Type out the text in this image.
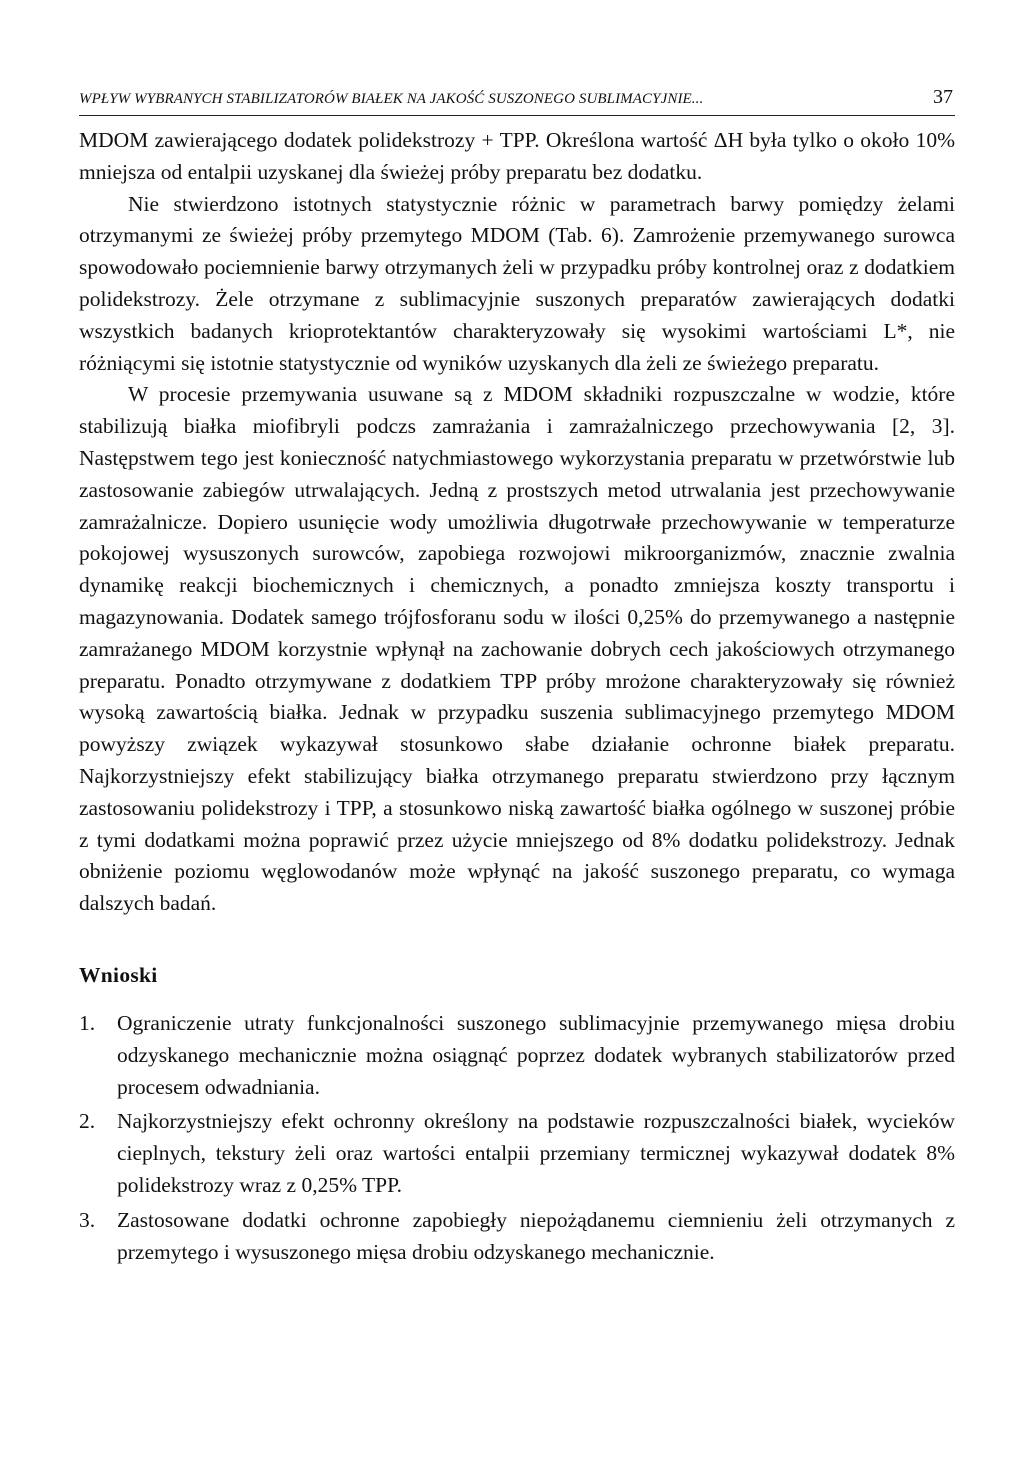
WPŁYW WYBRANYCH STABILIZATORÓW BIAŁEK NA JAKOŚĆ SUSZONEGO SUBLIMACYJNIE...	37

MDOM zawierającego dodatek polidekstrozy + TPP. Określona wartość ΔH była tylko o około 10% mniejsza od entalpii uzyskanej dla świeżej próby preparatu bez dodatku.

Nie stwierdzono istotnych statystycznie różnic w parametrach barwy pomiędzy żelami otrzymanymi ze świeżej próby przemytego MDOM (Tab. 6). Zamrożenie przemywanego surowca spowodowało pociemnienie barwy otrzymanych żeli w przypadku próby kontrolnej oraz z dodatkiem polidekstrozy. Żele otrzymane z sublimacyjnie suszonych preparatów zawierających dodatki wszystkich badanych krioprotektantów charakteryzowały się wysokimi wartościami L*, nie różniącymi się istotnie statystycznie od wyników uzyskanych dla żeli ze świeżego preparatu.

W procesie przemywania usuwane są z MDOM składniki rozpuszczalne w wodzie, które stabilizują białka miofibryli podczs zamrażania i zamrażalniczego przechowywania [2, 3]. Następstwem tego jest konieczność natychmiastowego wykorzystania preparatu w przetwórstwie lub zastosowanie zabiegów utrwalających. Jedną z prostszych metod utrwalania jest przechowywanie zamrażalnicze. Dopiero usunięcie wody umożliwia długotrwałe przechowywanie w temperaturze pokojowej wysuszonych surowców, zapobiega rozwojowi mikroorganizmów, znacznie zwalnia dynamikę reakcji biochemicznych i chemicznych, a ponadto zmniejsza koszty transportu i magazynowania. Dodatek samego trójfosforanu sodu w ilości 0,25% do przemywanego a następnie zamrażanego MDOM korzystnie wpłynął na zachowanie dobrych cech jakościowych otrzymanego preparatu. Ponadto otrzymywane z dodatkiem TPP próby mrożone charakteryzowały się również wysoką zawartością białka. Jednak w przypadku suszenia sublimacyjnego przemytego MDOM powyższy związek wykazywał stosunkowo słabe działanie ochronne białek preparatu. Najkorzystniejszy efekt stabilizujący białka otrzymanego preparatu stwierdzono przy łącznym zastosowaniu polidekstrozy i TPP, a stosunkowo niską zawartość białka ogólnego w suszonej próbie z tymi dodatkami można poprawić przez użycie mniejszego od 8% dodatku polidekstrozy. Jednak obniżenie poziomu węglowodanów może wpłynąć na jakość suszonego preparatu, co wymaga dalszych badań.

Wnioski
1.	Ograniczenie utraty funkcjonalności suszonego sublimacyjnie przemywanego mięsa drobiu odzyskanego mechanicznie można osiągnąć poprzez dodatek wybranych stabilizatorów przed procesem odwadniania.
2.	Najkorzystniejszy efekt ochronny określony na podstawie rozpuszczalności białek, wycieków cieplnych, tekstury żeli oraz wartości entalpii przemiany termicznej wykazywał dodatek 8% polidekstrozy wraz z 0,25% TPP.
3.	Zastosowane dodatki ochronne zapobiegły niepożądanemu ciemnieniu żeli otrzymanych z przemytego i wysuszonego mięsa drobiu odzyskanego mechanicznie.
